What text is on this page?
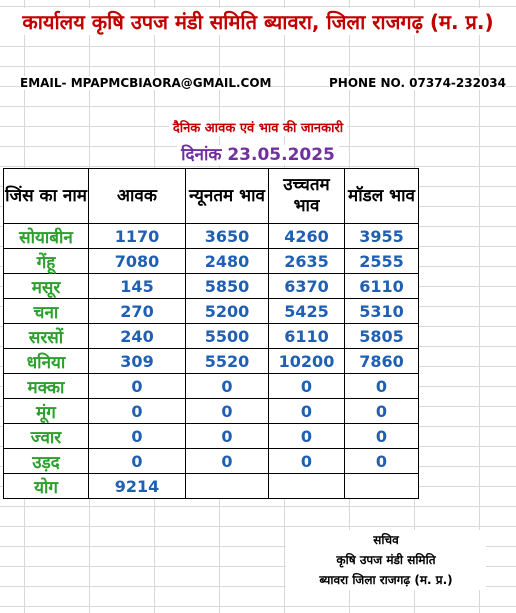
कार्यालय कृषि उपज मंडी समिति ब्यावरा, जिला राजगढ़ (म. प्र.)
EMAIL- MPAPMCBIAORA@GMAIL.COM	PHONE NO. 07374-232034
दैनिक आवक एवं भाव की जानकारी
दिनांक 23.05.2025
जिंस का नाम	आवक	न्यूनतम भाव	उच्चतम भाव	मॉडल भाव
सोयाबीन	1170	3650	4260	3955
गेंहू	7080	2480	2635	2555
मसूर	145	5850	6370	6110
चना	270	5200	5425	5310
सरसों	240	5500	6110	5805
धनिया	309	5520	10200	7860
मक्का	0	0	0	0
मूंग	0	0	0	0
ज्वार	0	0	0	0
उड़द	0	0	0	0
योग	9214			
सचिव
कृषि उपज मंडी समिति
ब्यावरा जिला राजगढ़ (म. प्र.)
